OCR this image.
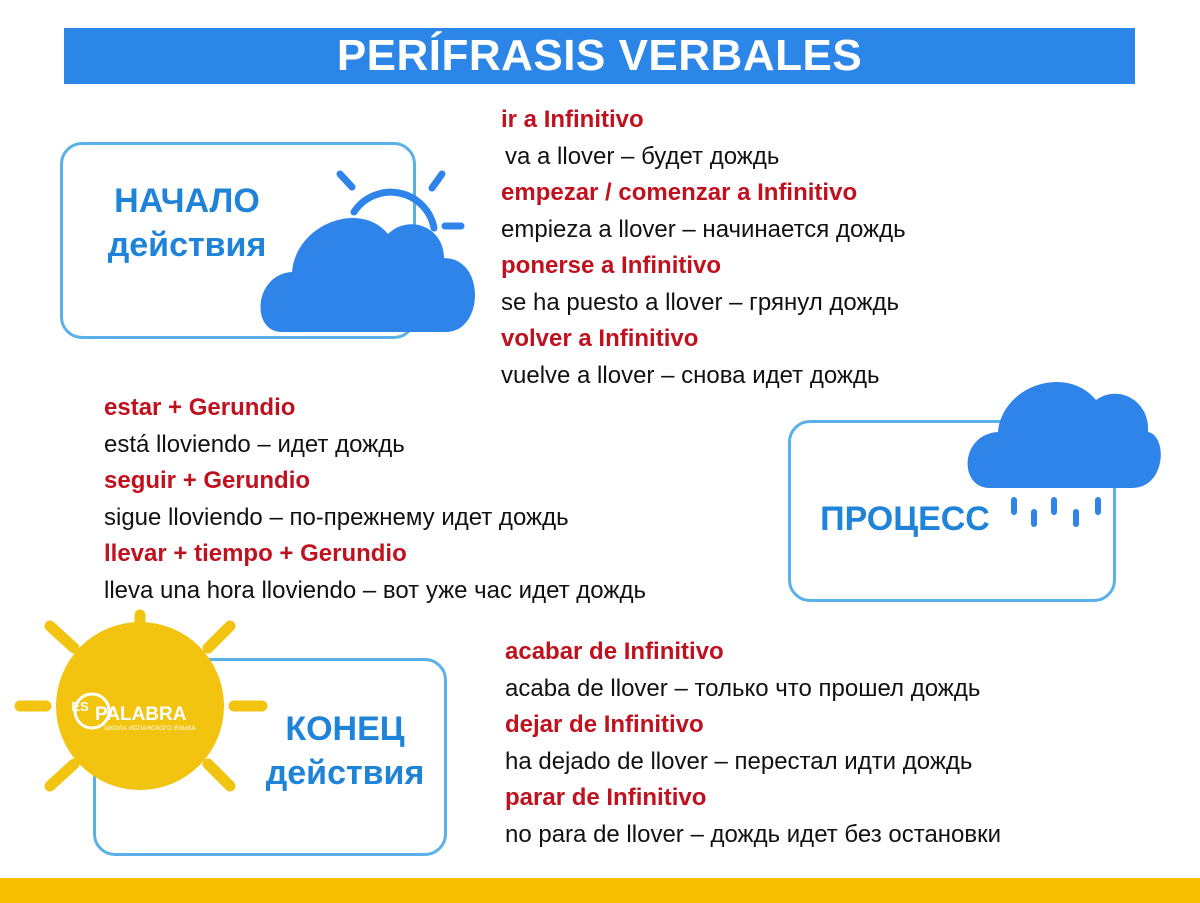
PERÍFRASIS VERBALES
НАЧАЛО
действия
ir a Infinitivo
va a llover – будет дождь
empezar / comenzar a Infinitivo
empieza a llover – начинается дождь
ponerse a Infinitivo
se ha puesto a llover – грянул дождь
volver a Infinitivo
vuelve a llover – снова идет дождь
estar + Gerundio
está lloviendo – идет дождь
seguir + Gerundio
sigue lloviendo – по-прежнему идет дождь
llevar + tiempo + Gerundio
lleva una hora lloviendo – вот уже час идет дождь
ПРОЦЕСС
КОНЕЦ
действия
ES PALABRA
ШКОЛА ИСПАНСКОГО ЯЗЫКА
acabar de Infinitivo
acaba de llover – только что прошел дождь
dejar de Infinitivo
ha dejado de llover – перестал идти дождь
parar de Infinitivo
no para de llover – дождь идет без остановки
